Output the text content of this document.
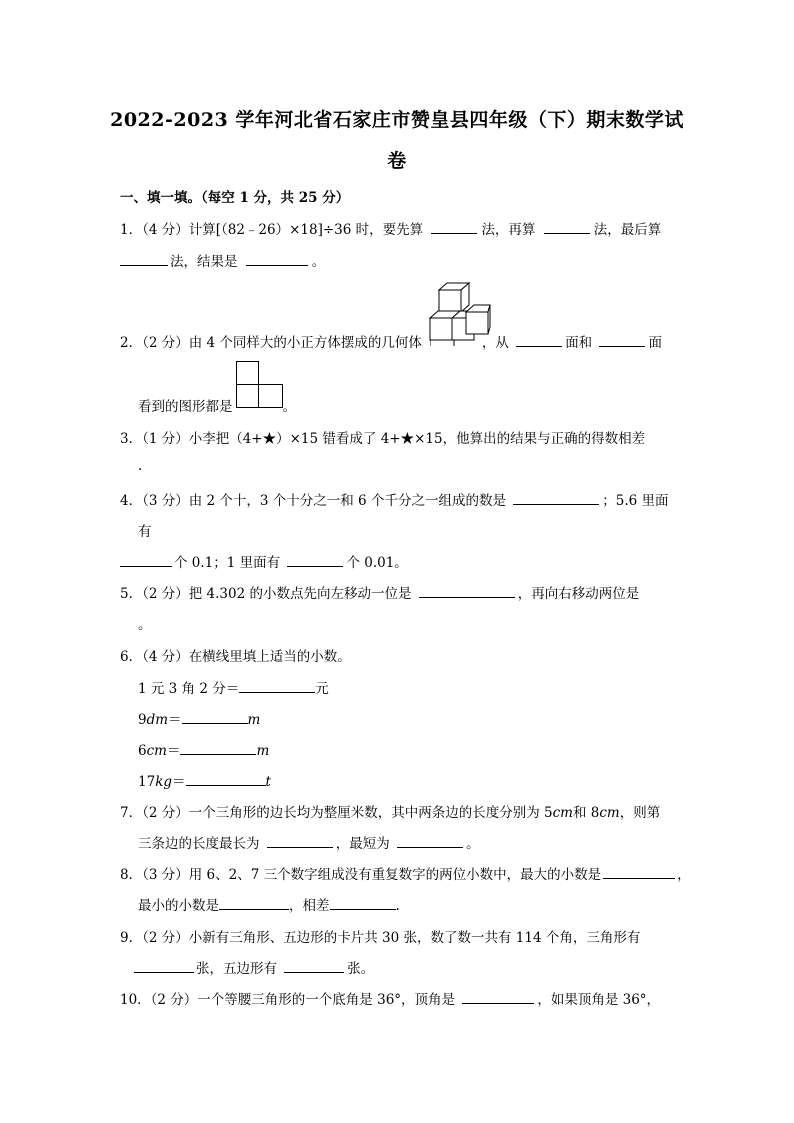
2022-2023 学年河北省石家庄市赞皇县四年级（下）期末数学试
卷
一、填一填。（每空 1 分，共 25 分）
1．（4 分）计算[（82﹣26）×18]÷36 时，要先算	法，再算	法，最后算
法，结果是	。
2．（2 分）由 4 个同样大的小正方体摆成的几何体	，从	面和	面
看到的图形都是	。
3．（1 分）小李把（4+★）×15 错看成了 4+★×15，他算出的结果与正确的得数相差
.
4．（3 分）由 2 个十，3 个十分之一和 6 个千分之一组成的数是	；5.6 里面
有
个 0.1；1 里面有	个 0.01。
5．（2 分）把 4.302 的小数点先向左移动一位是	，再向右移动两位是
。
6．（4 分）在横线里填上适当的小数。
1 元 3 角 2 分＝	元
9dm＝	m
6cm＝	m
17kg＝	t
7．（2 分）一个三角形的边长均为整厘米数，其中两条边的长度分别为 5cm和 8cm，则第
三条边的长度最长为	，最短为	。
8．（3 分）用 6、2、7 三个数字组成没有重复数字的两位小数中，最大的小数是	，
最小的小数是	，相差	.
9．（2 分）小新有三角形、五边形的卡片共 30 张，数了数一共有 114 个角，三角形有
张，五边形有	张。
10．（2 分）一个等腰三角形的一个底角是 36°，顶角是	，如果顶角是 36°，
